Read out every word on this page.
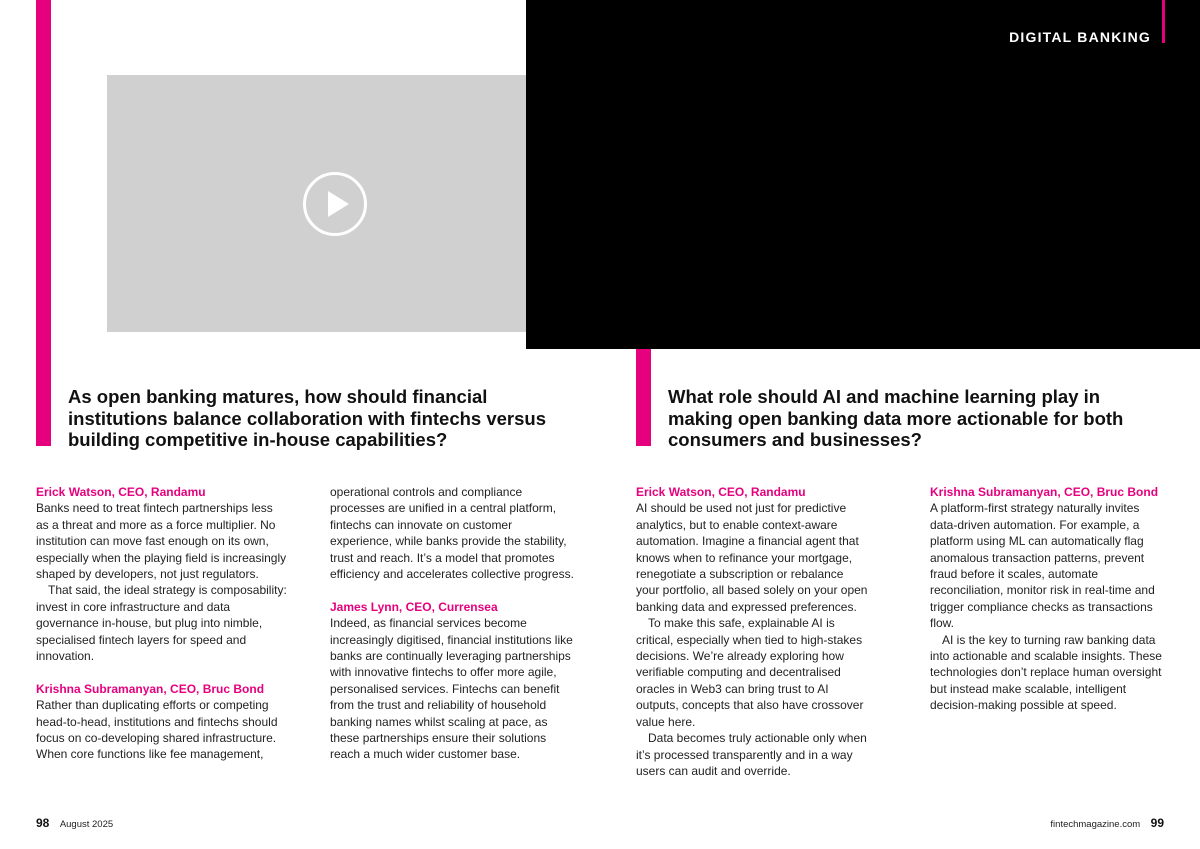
DIGITAL BANKING
As open banking matures, how should financial institutions balance collaboration with fintechs versus building competitive in-house capabilities?
What role should AI and machine learning play in making open banking data more actionable for both consumers and businesses?

Erick Watson, CEO, Randamu

Banks need to treat fintech partnerships less as a threat and more as a force multiplier. No institution can move fast enough on its own, especially when the playing field is increasingly shaped by developers, not just regulators.

That said, the ideal strategy is composability: invest in core infrastructure and data governance in-house, but plug into nimble, specialised fintech layers for speed and innovation.

Krishna Subramanyan, CEO, Bruc Bond

Rather than duplicating efforts or competing head-to-head, institutions and fintechs should focus on co-developing shared infrastructure. When core functions like fee management,

operational controls and compliance processes are unified in a central platform, fintechs can innovate on customer experience, while banks provide the stability, trust and reach. It’s a model that promotes efficiency and accelerates collective progress.

James Lynn, CEO, Currensea

Indeed, as financial services become increasingly digitised, financial institutions like banks are continually leveraging partnerships with innovative fintechs to offer more agile, personalised services. Fintechs can benefit from the trust and reliability of household banking names whilst scaling at pace, as these partnerships ensure their solutions reach a much wider customer base.

Erick Watson, CEO, Randamu

AI should be used not just for predictive analytics, but to enable context-aware automation. Imagine a financial agent that knows when to refinance your mortgage, renegotiate a subscription or rebalance your portfolio, all based solely on your open banking data and expressed preferences.

To make this safe, explainable AI is critical, especially when tied to high-stakes decisions. We’re already exploring how verifiable computing and decentralised oracles in Web3 can bring trust to AI outputs, concepts that also have crossover value here.

Data becomes truly actionable only when it’s processed transparently and in a way users can audit and override.

Krishna Subramanyan, CEO, Bruc Bond

A platform-first strategy naturally invites data-driven automation. For example, a platform using ML can automatically flag anomalous transaction patterns, prevent fraud before it scales, automate reconciliation, monitor risk in real-time and trigger compliance checks as transactions flow.

AI is the key to turning raw banking data into actionable and scalable insights. These technologies don’t replace human oversight but instead make scalable, intelligent decision-making possible at speed.

98 August 2025	fintechmagazine.com 99
